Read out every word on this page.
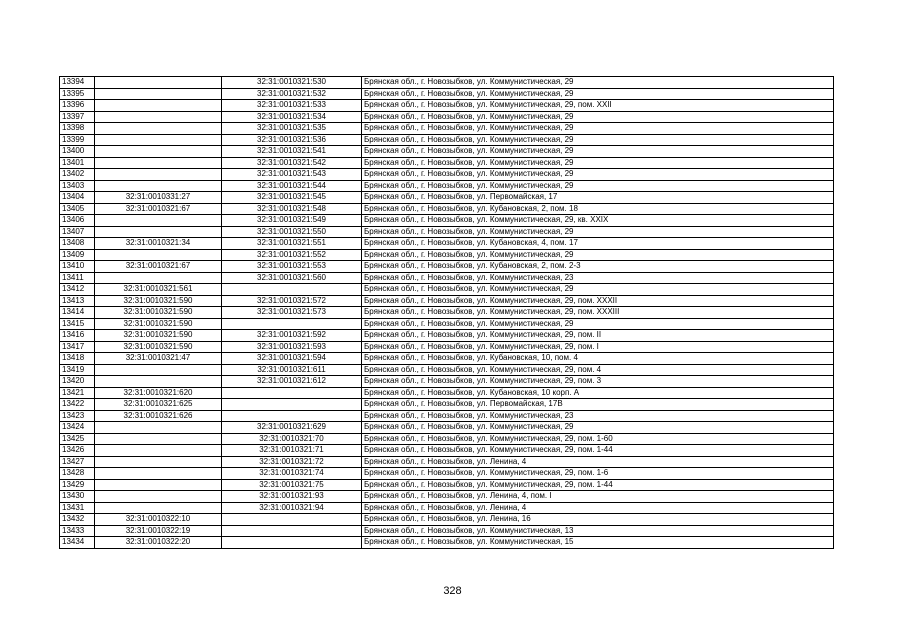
13394		32:31:0010321:530	Брянская обл., г. Новозыбков, ул. Коммунистическая, 29
13395		32:31:0010321:532	Брянская обл., г. Новозыбков, ул. Коммунистическая, 29
13396		32:31:0010321:533	Брянская обл., г. Новозыбков, ул. Коммунистическая, 29, пом. XXII
13397		32:31:0010321:534	Брянская обл., г. Новозыбков, ул. Коммунистическая, 29
13398		32:31:0010321:535	Брянская обл., г. Новозыбков, ул. Коммунистическая, 29
13399		32:31:0010321:536	Брянская обл., г. Новозыбков, ул. Коммунистическая, 29
13400		32:31:0010321:541	Брянская обл., г. Новозыбков, ул. Коммунистическая, 29
13401		32:31:0010321:542	Брянская обл., г. Новозыбков, ул. Коммунистическая, 29
13402		32:31:0010321:543	Брянская обл., г. Новозыбков, ул. Коммунистическая, 29
13403		32:31:0010321:544	Брянская обл., г. Новозыбков, ул. Коммунистическая, 29
13404	32:31:0010331:27	32:31:0010321:545	Брянская обл., г. Новозыбков, ул. Первомайская, 17
13405	32:31:0010321:67	32:31:0010321:548	Брянская обл., г. Новозыбков, ул. Кубановская, 2, пом. 18
13406		32:31:0010321:549	Брянская обл., г. Новозыбков, ул. Коммунистическая, 29, кв. XXIX
13407		32:31:0010321:550	Брянская обл., г. Новозыбков, ул. Коммунистическая, 29
13408	32:31:0010321:34	32:31:0010321:551	Брянская обл., г. Новозыбков, ул. Кубановская, 4, пом. 17
13409		32:31:0010321:552	Брянская обл., г. Новозыбков, ул. Коммунистическая, 29
13410	32:31:0010321:67	32:31:0010321:553	Брянская обл., г. Новозыбков, ул. Кубановская, 2, пом. 2-3
13411		32:31:0010321:560	Брянская обл., г. Новозыбков, ул. Коммунистическая, 23
13412	32:31:0010321:561		Брянская обл., г. Новозыбков, ул. Коммунистическая, 29
13413	32:31:0010321:590	32:31:0010321:572	Брянская обл., г. Новозыбков, ул. Коммунистическая, 29, пом. XXXII
13414	32:31:0010321:590	32:31:0010321:573	Брянская обл., г. Новозыбков, ул. Коммунистическая, 29, пом. XXXIII
13415	32:31:0010321:590		Брянская обл., г. Новозыбков, ул. Коммунистическая, 29
13416	32:31:0010321:590	32:31:0010321:592	Брянская обл., г. Новозыбков, ул. Коммунистическая, 29, пом. II
13417	32:31:0010321:590	32:31:0010321:593	Брянская обл., г. Новозыбков, ул. Коммунистическая, 29, пом. I
13418	32:31:0010321:47	32:31:0010321:594	Брянская обл., г. Новозыбков, ул. Кубановская, 10, пом. 4
13419		32:31:0010321:611	Брянская обл., г. Новозыбков, ул. Коммунистическая, 29, пом. 4
13420		32:31:0010321:612	Брянская обл., г. Новозыбков, ул. Коммунистическая, 29, пом. 3
13421	32:31:0010321:620		Брянская обл., г. Новозыбков, ул. Кубановская, 10 корп. А
13422	32:31:0010321:625		Брянская обл., г. Новозыбков, ул. Первомайская, 17В
13423	32:31:0010321:626		Брянская обл., г. Новозыбков, ул. Коммунистическая, 23
13424		32:31:0010321:629	Брянская обл., г. Новозыбков, ул. Коммунистическая, 29
13425		32:31:0010321:70	Брянская обл., г. Новозыбков, ул. Коммунистическая, 29, пом. 1-60
13426		32:31:0010321:71	Брянская обл., г. Новозыбков, ул. Коммунистическая, 29, пом. 1-44
13427		32:31:0010321:72	Брянская обл., г. Новозыбков, ул. Ленина, 4
13428		32:31:0010321:74	Брянская обл., г. Новозыбков, ул. Коммунистическая, 29, пом. 1-6
13429		32:31:0010321:75	Брянская обл., г. Новозыбков, ул. Коммунистическая, 29, пом. 1-44
13430		32:31:0010321:93	Брянская обл., г. Новозыбков, ул. Ленина, 4, пом. I
13431		32:31:0010321:94	Брянская обл., г. Новозыбков, ул. Ленина, 4
13432	32:31:0010322:10		Брянская обл., г. Новозыбков, ул. Ленина, 16
13433	32:31:0010322:19		Брянская обл., г. Новозыбков, ул. Коммунистическая, 13
13434	32:31:0010322:20		Брянская обл., г. Новозыбков, ул. Коммунистическая, 15
328
